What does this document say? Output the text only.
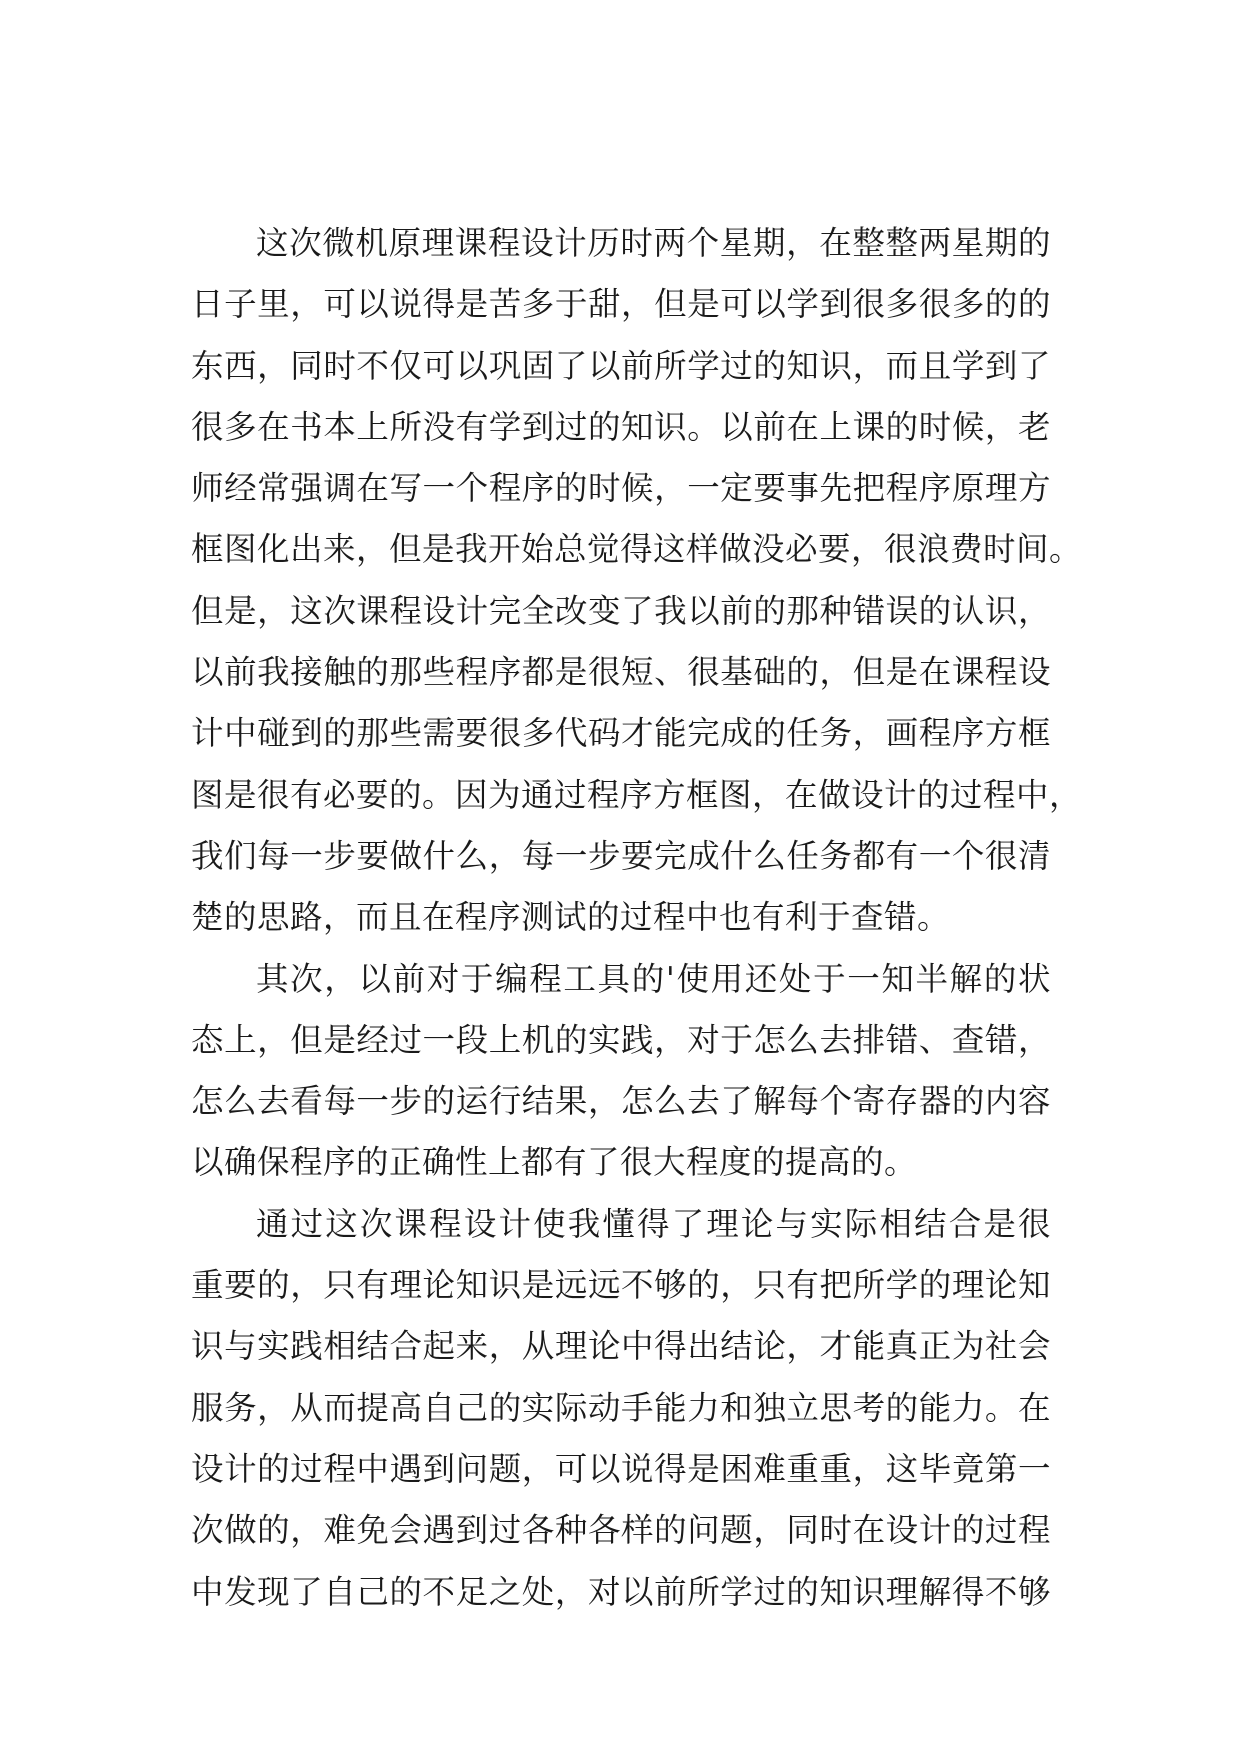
这次微机原理课程设计历时两个星期，在整整两星期的
日子里，可以说得是苦多于甜，但是可以学到很多很多的的
东西，同时不仅可以巩固了以前所学过的知识，而且学到了
很多在书本上所没有学到过的知识。以前在上课的时候，老
师经常强调在写一个程序的时候，一定要事先把程序原理方
框图化出来，但是我开始总觉得这样做没必要，很浪费时间。
但是，这次课程设计完全改变了我以前的那种错误的认识，
以前我接触的那些程序都是很短、很基础的，但是在课程设
计中碰到的那些需要很多代码才能完成的任务，画程序方框
图是很有必要的。因为通过程序方框图，在做设计的过程中，
我们每一步要做什么，每一步要完成什么任务都有一个很清
楚的思路，而且在程序测试的过程中也有利于查错。
其次，以前对于编程工具的'使用还处于一知半解的状
态上，但是经过一段上机的实践，对于怎么去排错、查错，
怎么去看每一步的运行结果，怎么去了解每个寄存器的内容
以确保程序的正确性上都有了很大程度的提高的。
通过这次课程设计使我懂得了理论与实际相结合是很
重要的，只有理论知识是远远不够的，只有把所学的理论知
识与实践相结合起来，从理论中得出结论，才能真正为社会
服务，从而提高自己的实际动手能力和独立思考的能力。在
设计的过程中遇到问题，可以说得是困难重重，这毕竟第一
次做的，难免会遇到过各种各样的问题，同时在设计的过程
中发现了自己的不足之处，对以前所学过的知识理解得不够
